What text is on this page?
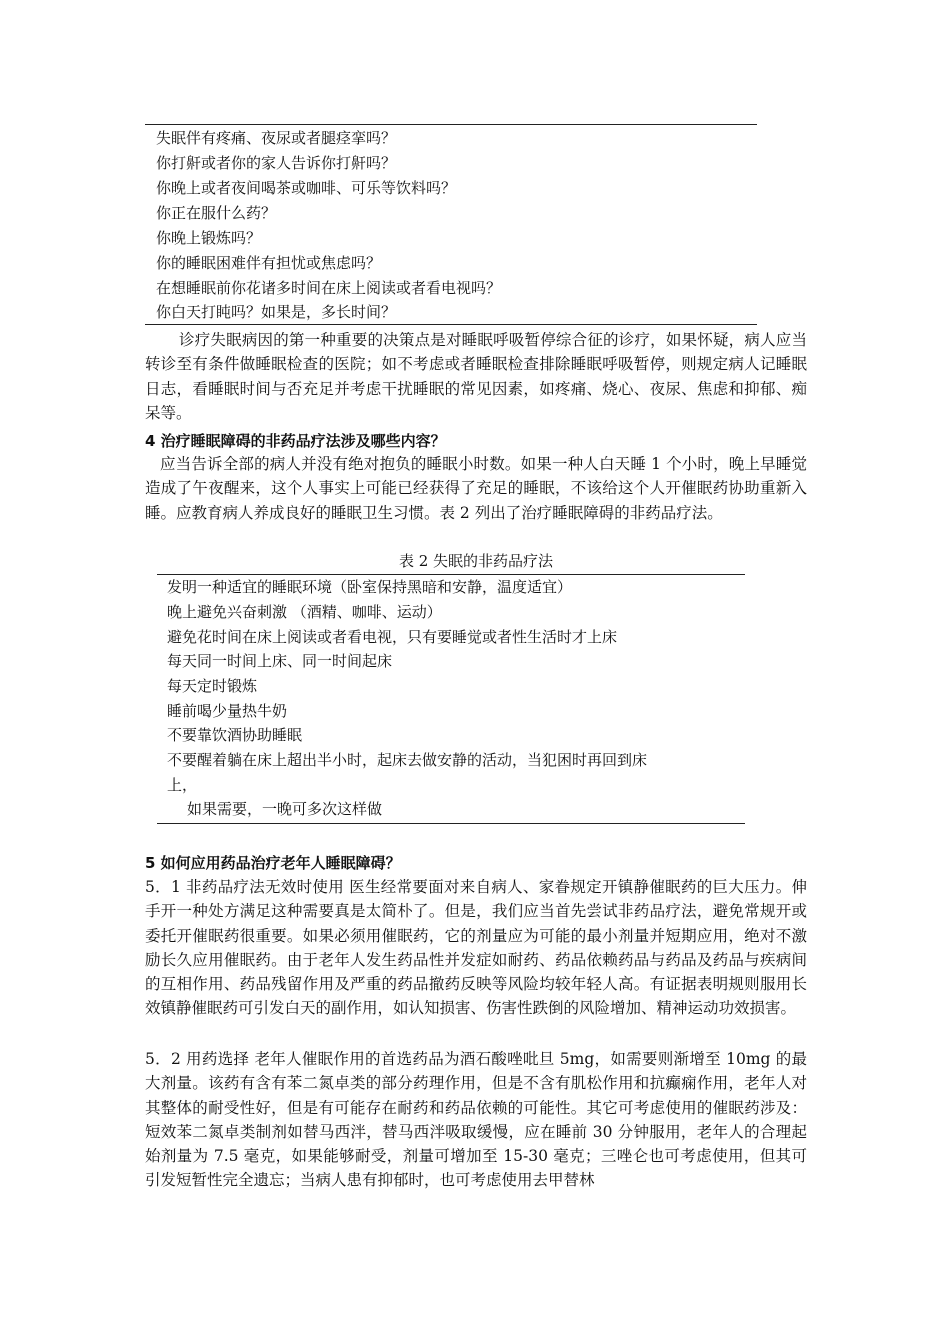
失眠伴有疼痛、夜尿或者腿痉挛吗？
你打鼾或者你的家人告诉你打鼾吗？
你晚上或者夜间喝茶或咖啡、可乐等饮料吗？
你正在服什么药？
你晚上锻炼吗？
你的睡眠困难伴有担忧或焦虑吗？
在想睡眠前你花诸多时间在床上阅读或者看电视吗？
你白天打盹吗？如果是，多长时间？

诊疗失眠病因的第一种重要的决策点是对睡眠呼吸暂停综合征的诊疗，如果怀疑，病人应当转诊至有条件做睡眠检查的医院；如不考虑或者睡眠检查排除睡眠呼吸暂停，则规定病人记睡眠日志，看睡眠时间与否充足并考虑干扰睡眠的常见因素，如疼痛、烧心、夜尿、焦虑和抑郁、痴呆等。

4 治疗睡眠障碍的非药品疗法涉及哪些内容？

应当告诉全部的病人并没有绝对抱负的睡眠小时数。如果一种人白天睡 1 个小时，晚上早睡觉造成了午夜醒来，这个人事实上可能已经获得了充足的睡眠，不该给这个人开催眠药协助重新入睡。应教育病人养成良好的睡眠卫生习惯。表 2 列出了治疗睡眠障碍的非药品疗法。

表 2 失眠的非药品疗法
发明一种适宜的睡眠环境（卧室保持黑暗和安静，温度适宜）
晚上避免兴奋刺激 （酒精、咖啡、运动）
避免花时间在床上阅读或者看电视，只有要睡觉或者性生活时才上床
每天同一时间上床、同一时间起床
每天定时锻炼
睡前喝少量热牛奶
不要靠饮酒协助睡眠
不要醒着躺在床上超出半小时，起床去做安静的活动，当犯困时再回到床
上，
如果需要，一晚可多次这样做
5 如何应用药品治疗老年人睡眠障碍？

5．1 非药品疗法无效时使用 医生经常要面对来自病人、家眷规定开镇静催眠药的巨大压力。伸手开一种处方满足这种需要真是太简朴了。但是，我们应当首先尝试非药品疗法，避免常规开或委托开催眠药很重要。如果必须用催眠药，它的剂量应为可能的最小剂量并短期应用，绝对不激励长久应用催眠药。由于老年人发生药品性并发症如耐药、药品依赖药品与药品及药品与疾病间的互相作用、药品残留作用及严重的药品撤药反映等风险均较年轻人高。有证据表明规则服用长效镇静催眠药可引发白天的副作用，如认知损害、伤害性跌倒的风险增加、精神运动功效损害。

5．2 用药选择 老年人催眠作用的首选药品为酒石酸唑吡旦 5mg，如需要则渐增至 10mg 的最大剂量。该药有含有苯二氮卓类的部分药理作用，但是不含有肌松作用和抗癫痫作用，老年人对其整体的耐受性好，但是有可能存在耐药和药品依赖的可能性。其它可考虑使用的催眠药涉及：短效苯二氮卓类制剂如替马西泮，替马西泮吸取缓慢，应在睡前 30 分钟服用，老年人的合理起始剂量为 7.5 毫克，如果能够耐受，剂量可增加至 15-30 毫克；三唑仑也可考虑使用，但其可引发短暂性完全遗忘；当病人患有抑郁时，也可考虑使用去甲替林
